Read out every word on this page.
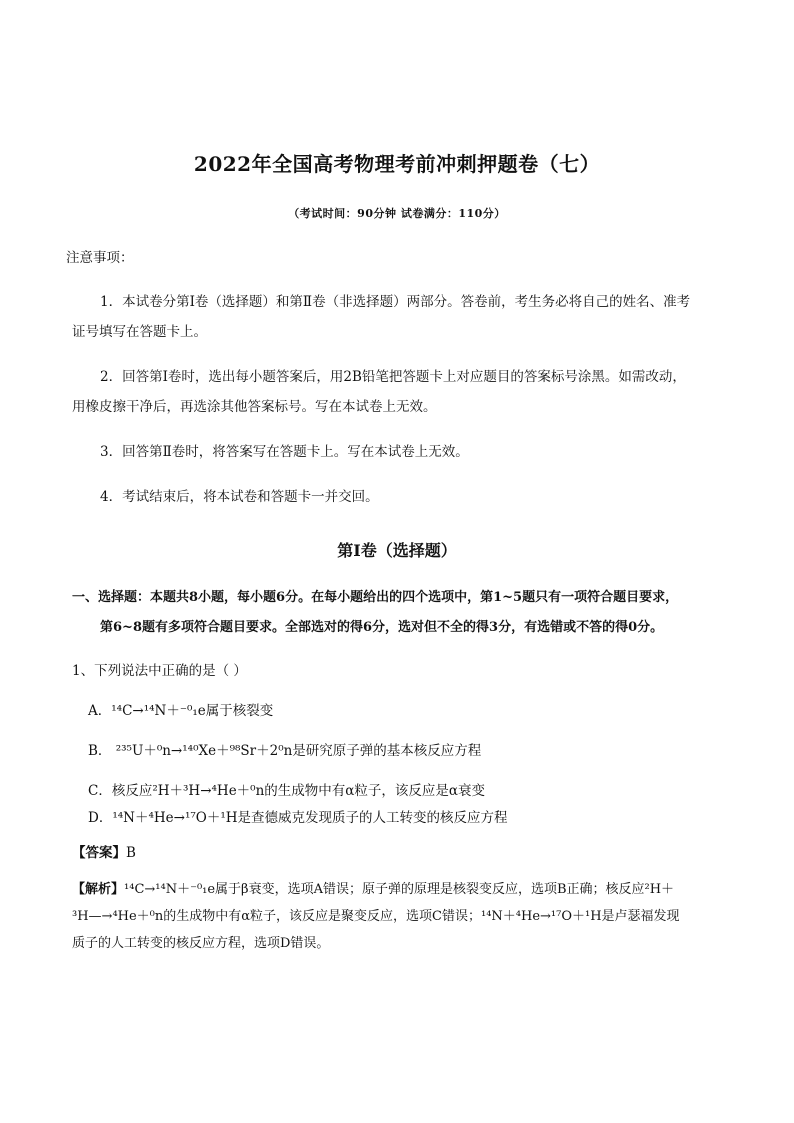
2022年全国高考物理考前冲刺押题卷（七）
（考试时间：90分钟 试卷满分：110分）
注意事项：
1．本试卷分第Ⅰ卷（选择题）和第Ⅱ卷（非选择题）两部分。答卷前，考生务必将自己的姓名、准考
证号填写在答题卡上。
2．回答第Ⅰ卷时，选出每小题答案后，用2B铅笔把答题卡上对应题目的答案标号涂黑。如需改动，
用橡皮擦干净后，再选涂其他答案标号。写在本试卷上无效。
3．回答第Ⅱ卷时，将答案写在答题卡上。写在本试卷上无效。
4．考试结束后，将本试卷和答题卡一并交回。
第Ⅰ卷（选择题）
一、选择题：本题共8小题，每小题6分。在每小题给出的四个选项中，第1~5题只有一项符合题目要求，
第6~8题有多项符合题目要求。全部选对的得6分，选对但不全的得3分，有选错或不答的得0分。
1、下列说法中正确的是（ ）
A．¹⁴C→¹⁴N＋⁻⁰₁e属于核裂变
B． ²³⁵U＋⁰n→¹⁴⁰Xe＋⁹⁸Sr＋2⁰n是研究原子弹的基本核反应方程
C．核反应²H＋³H→⁴He＋⁰n的生成物中有α粒子，该反应是α衰变
D．¹⁴N＋⁴He→¹⁷O＋¹H是查德威克发现质子的人工转变的核反应方程
【答案】B
【解析】¹⁴C→¹⁴N＋⁻⁰₁e属于β衰变，选项A错误；原子弹的原理是核裂变反应，选项B正确；核反应²H＋
³H—→⁴He＋⁰n的生成物中有α粒子，该反应是聚变反应，选项C错误；¹⁴N＋⁴He→¹⁷O＋¹H是卢瑟福发现
质子的人工转变的核反应方程，选项D错误。
